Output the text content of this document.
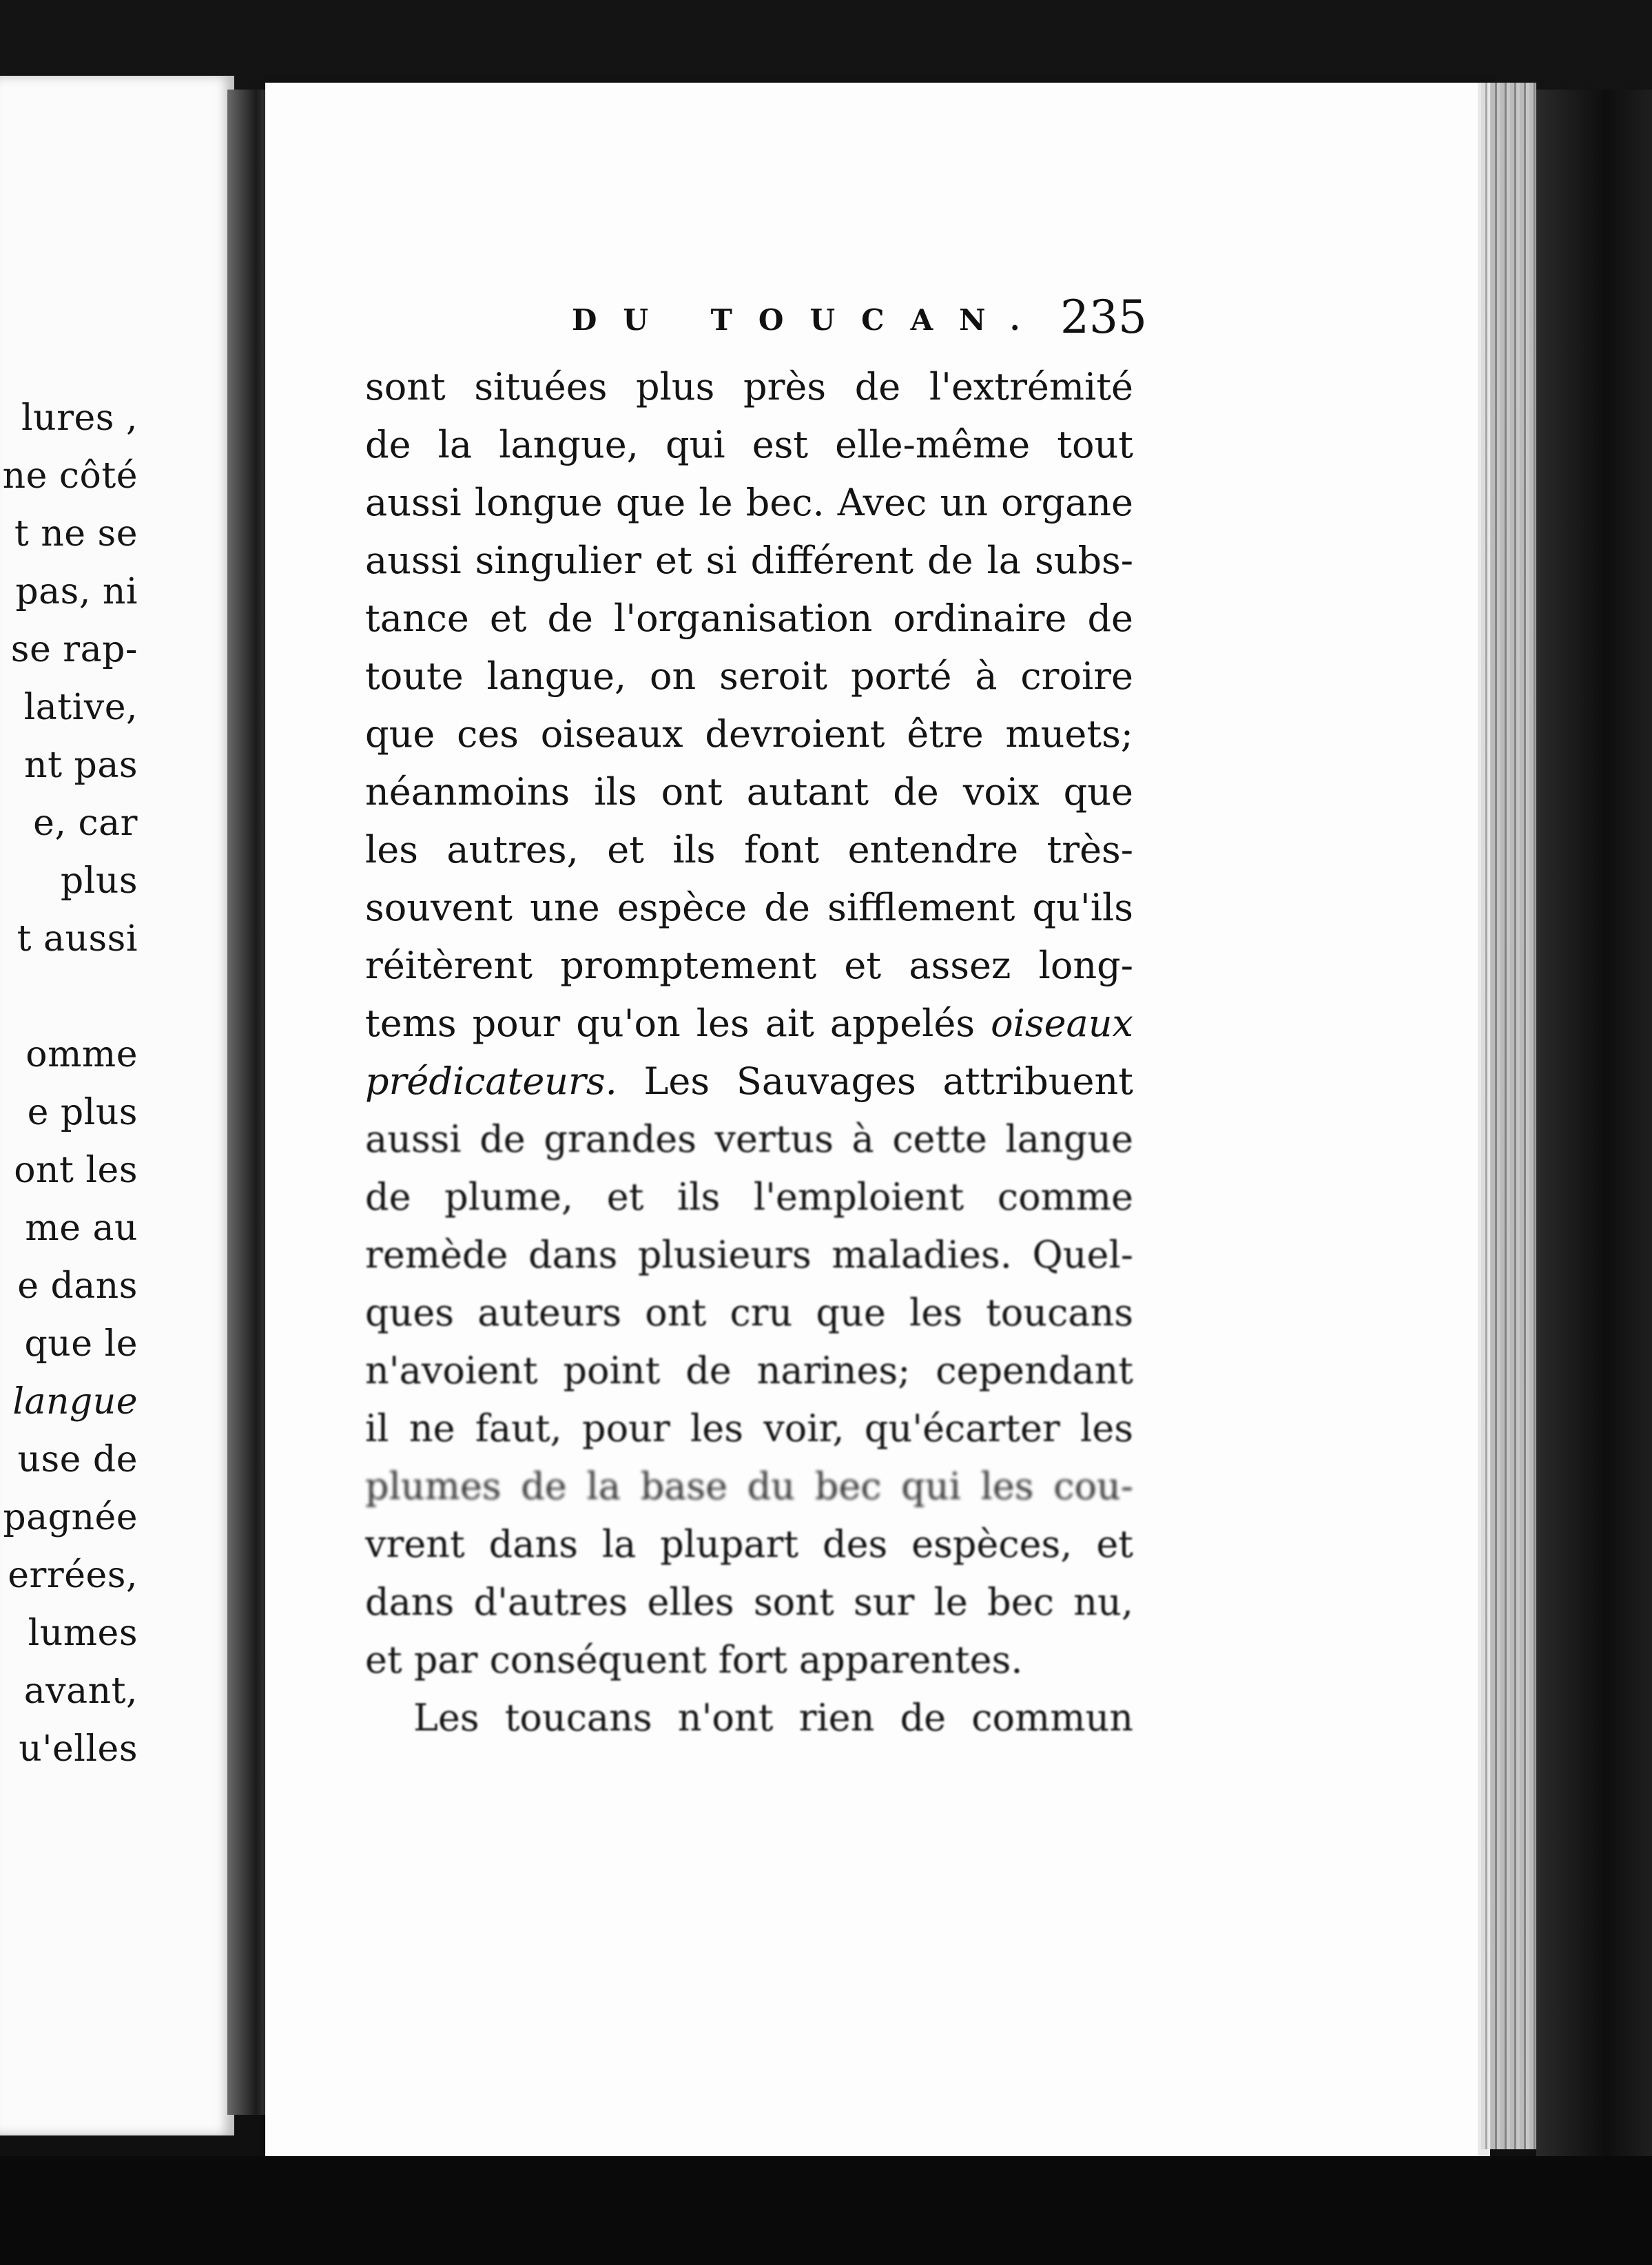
lures ,
ne côté
t ne se
pas, ni
se rap-
lative,
nt pas
e, car
plus
t aussi
omme
e plus
ont les
me au
e dans
que le
langue
use de
pagnée
errées,
lumes
avant,
u'elles
DU TOUCAN. 235
sont situées plus près de l'extrémité
de la langue, qui est elle-même tout
aussi longue que le bec. Avec un organe
aussi singulier et si différent de la subs-
tance et de l'organisation ordinaire de
toute langue, on seroit porté à croire
que ces oiseaux devroient être muets;
néanmoins ils ont autant de voix que
les autres, et ils font entendre très-
souvent une espèce de sifflement qu'ils
réitèrent promptement et assez long-
tems pour qu'on les ait appelés oiseaux
prédicateurs. Les Sauvages attribuent
aussi de grandes vertus à cette langue
de plume, et ils l'emploient comme
remède dans plusieurs maladies. Quel-
ques auteurs ont cru que les toucans
n'avoient point de narines; cependant
il ne faut, pour les voir, qu'écarter les
plumes de la base du bec qui les cou-
vrent dans la plupart des espèces, et
dans d'autres elles sont sur le bec nu,
et par conséquent fort apparentes.
Les toucans n'ont rien de commun
